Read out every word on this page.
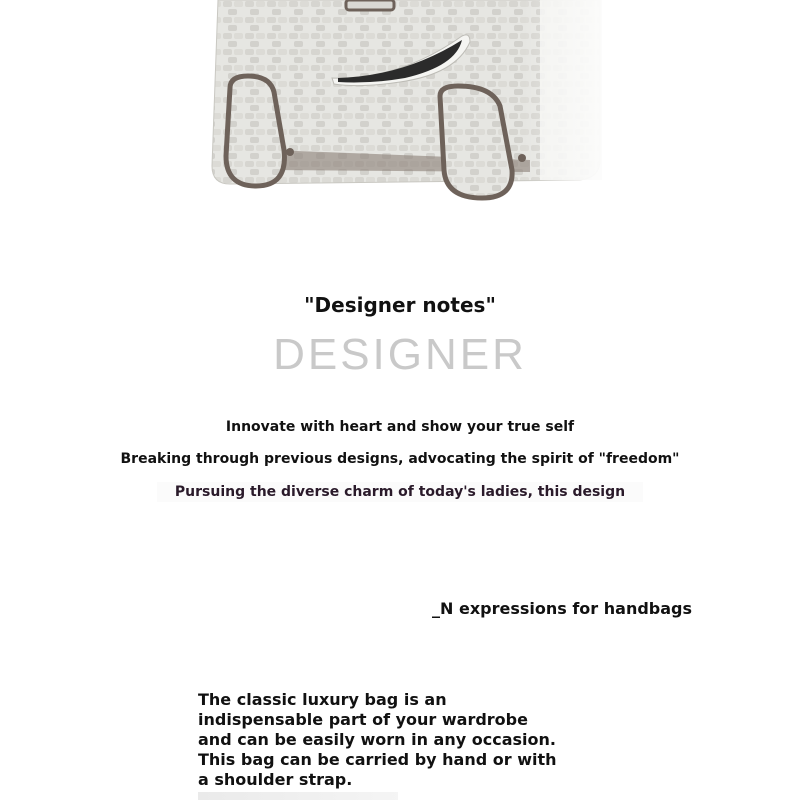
"Designer notes"
DESIGNER
Innovate with heart and show your true self
Breaking through previous designs, advocating the spirit of "freedom"
Pursuing the diverse charm of today's ladies, this design
_N expressions for handbags
The classic luxury bag is an
indispensable part of your wardrobe
and can be easily worn in any occasion.
This bag can be carried by hand or with
a shoulder strap.
